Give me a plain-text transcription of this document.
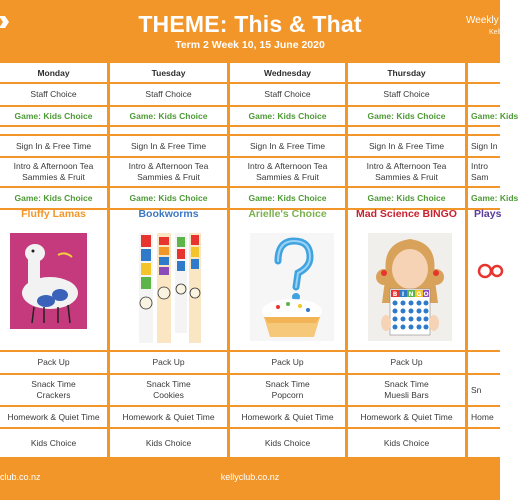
THEME: This & That
Term 2 Week 10, 15 June 2020
Weekly
Kelly
Monday
Staff Choice
Game: Kids Choice
Sign In & Free Time
Intro & Afternoon Tea
Sammies & Fruit
Game: Kids Choice
Fluffy Lamas
Pack Up
Snack Time
Crackers
Homework & Quiet Time
Kids Choice
Tuesday
Staff Choice
Game: Kids Choice
Sign In & Free Time
Intro & Afternoon Tea
Sammies & Fruit
Game: Kids Choice
Bookworms
Pack Up
Snack Time
Cookies
Homework & Quiet Time
Kids Choice
Wednesday
Staff Choice
Game: Kids Choice
Sign In & Free Time
Intro & Afternoon Tea
Sammies & Fruit
Game: Kids Choice
Arielle's Choice
Pack Up
Snack Time
Popcorn
Homework & Quiet Time
Kids Choice
Thursday
Staff Choice
Game: Kids Choice
Sign In & Free Time
Intro & Afternoon Tea
Sammies & Fruit
Game: Kids Choice
Mad Science BINGO
B I N G O
Pack Up
Snack Time
Muesli Bars
Homework & Quiet Time
Kids Choice
Game: Kids
Sign In
Intro
Sam
Game: Kids
Plays
Sn
Home
club.co.nz	kellyclub.co.nz
